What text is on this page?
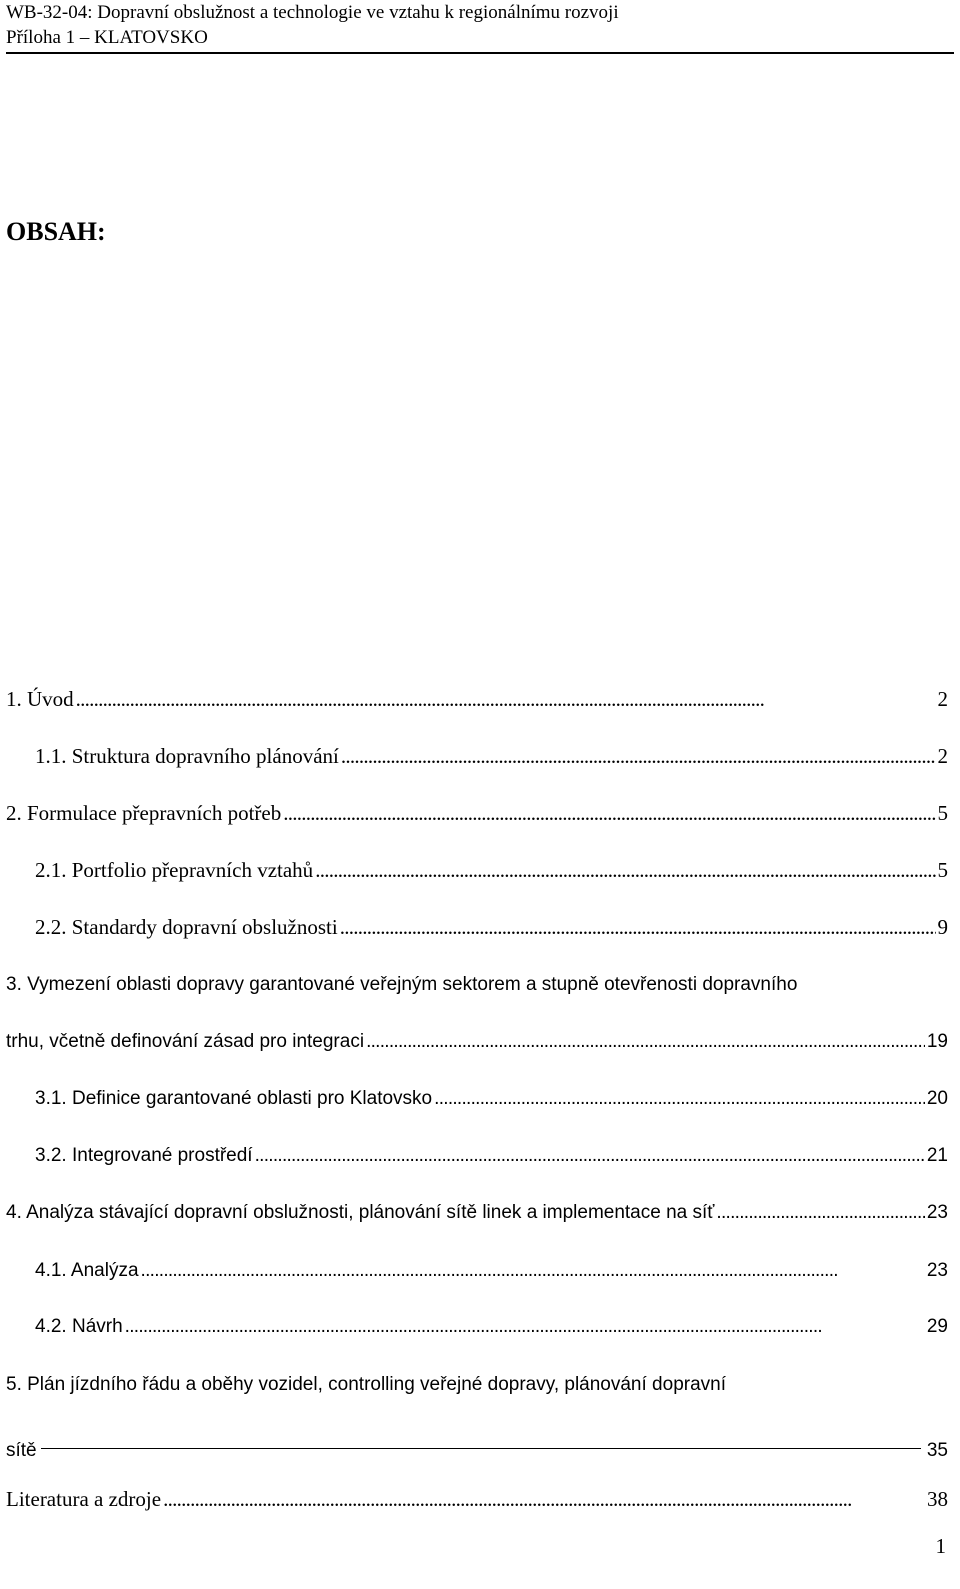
WB-32-04: Dopravní obslužnost a technologie ve vztahu k regionálnímu rozvoji
Příloha 1 – KLATOVSKO
OBSAH:
1. Úvod . . .	2
1.1. Struktura dopravního plánování . . .	2
2. Formulace přepravních potřeb . . .	5
2.1. Portfolio přepravních vztahů . . .	5
2.2. Standardy dopravní obslužnosti . . .	9
3. Vymezení oblasti dopravy garantované veřejným sektorem a stupně otevřenosti dopravního
trhu, včetně definování zásad pro integraci . . .	19
3.1. Definice garantované oblasti pro Klatovsko . . .	20
3.2. Integrované prostředí . . .	21
4. Analýza stávající dopravní obslužnosti, plánování sítě linek a implementace na síť . . .	23
4.1. Analýza . . .	23
4.2. Návrh . . .	29
5. Plán jízdního řádu a oběhy vozidel, controlling veřejné dopravy, plánování dopravní
sítě	35
Literatura a zdroje . . .	38
1
